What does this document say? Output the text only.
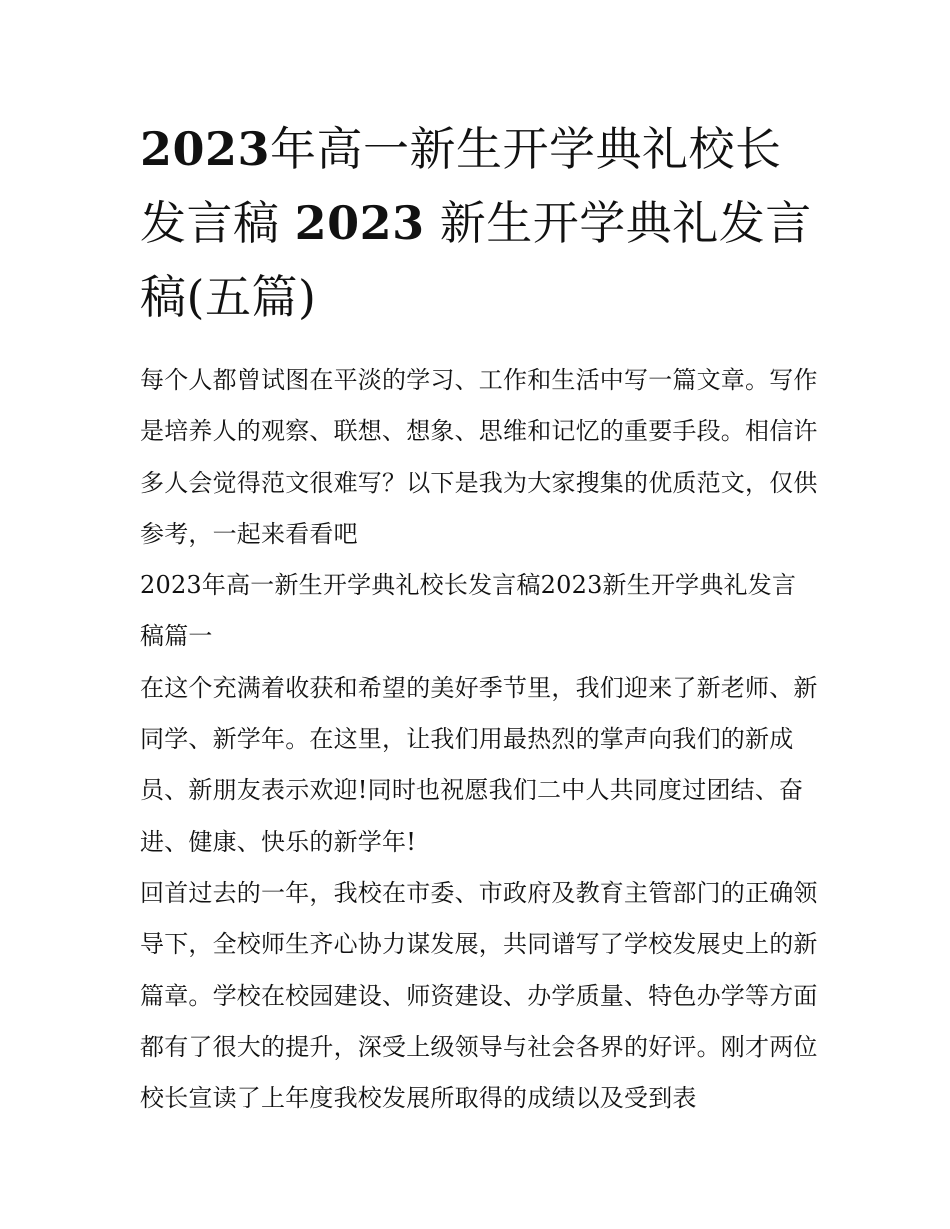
2023年高一新生开学典礼校长发言稿 2023 新生开学典礼发言稿(五篇)

每个人都曾试图在平淡的学习、工作和生活中写一篇文章。写作是培养人的观察、联想、想象、思维和记忆的重要手段。相信许多人会觉得范文很难写？以下是我为大家搜集的优质范文，仅供参考，一起来看看吧

2023年高一新生开学典礼校长发言稿2023新生开学典礼发言稿篇一

在这个充满着收获和希望的美好季节里，我们迎来了新老师、新同学、新学年。在这里，让我们用最热烈的掌声向我们的新成员、新朋友表示欢迎!同时也祝愿我们二中人共同度过团结、奋进、健康、快乐的新学年!

回首过去的一年，我校在市委、市政府及教育主管部门的正确领导下，全校师生齐心协力谋发展，共同谱写了学校发展史上的新篇章。学校在校园建设、师资建设、办学质量、特色办学等方面都有了很大的提升，深受上级领导与社会各界的好评。刚才两位校长宣读了上年度我校发展所取得的成绩以及受到表
